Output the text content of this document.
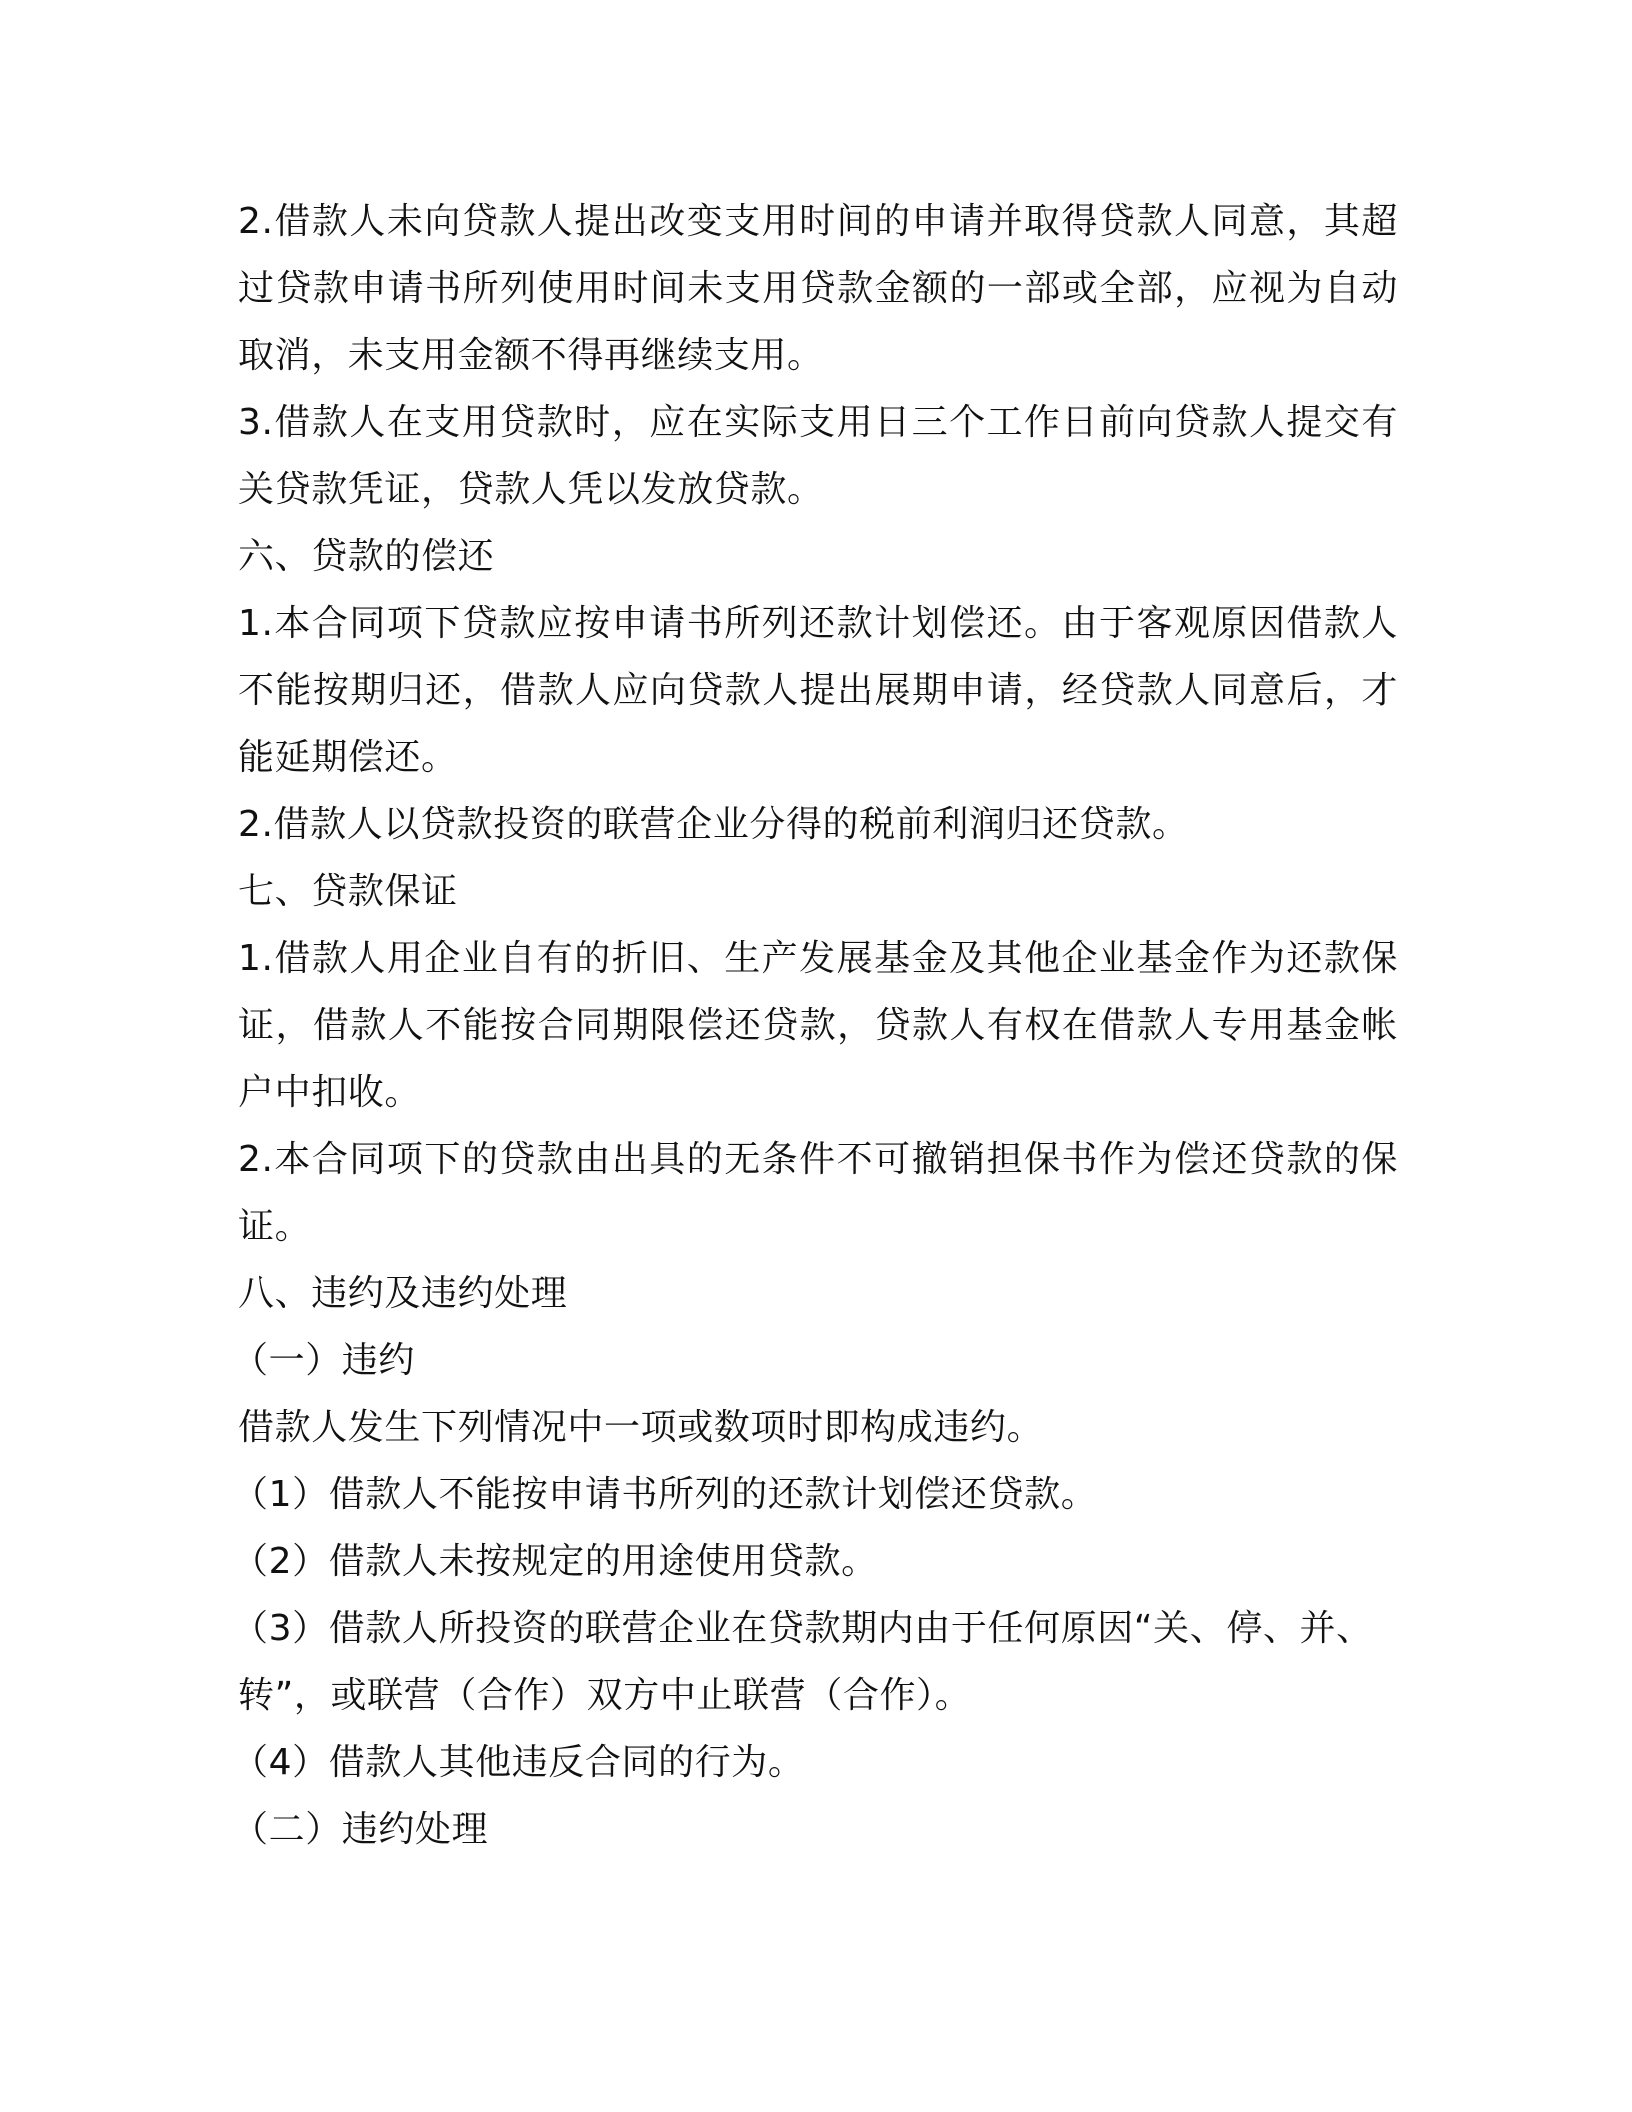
2.借款人未向贷款人提出改变支用时间的申请并取得贷款人同意，其超过贷款申请书所列使用时间未支用贷款金额的一部或全部，应视为自动取消，未支用金额不得再继续支用。

3.借款人在支用贷款时，应在实际支用日三个工作日前向贷款人提交有关贷款凭证，贷款人凭以发放贷款。

六、贷款的偿还

1.本合同项下贷款应按申请书所列还款计划偿还。由于客观原因借款人不能按期归还，借款人应向贷款人提出展期申请，经贷款人同意后，才能延期偿还。

2.借款人以贷款投资的联营企业分得的税前利润归还贷款。

七、贷款保证

1.借款人用企业自有的折旧、生产发展基金及其他企业基金作为还款保证，借款人不能按合同期限偿还贷款，贷款人有权在借款人专用基金帐户中扣收。

2.本合同项下的贷款由出具的无条件不可撤销担保书作为偿还贷款的保证。

八、违约及违约处理

（一）违约

借款人发生下列情况中一项或数项时即构成违约。

（1）借款人不能按申请书所列的还款计划偿还贷款。

（2）借款人未按规定的用途使用贷款。

（3）借款人所投资的联营企业在贷款期内由于任何原因“关、停、并、转”，或联营（合作）双方中止联营（合作）。

（4）借款人其他违反合同的行为。

（二）违约处理
